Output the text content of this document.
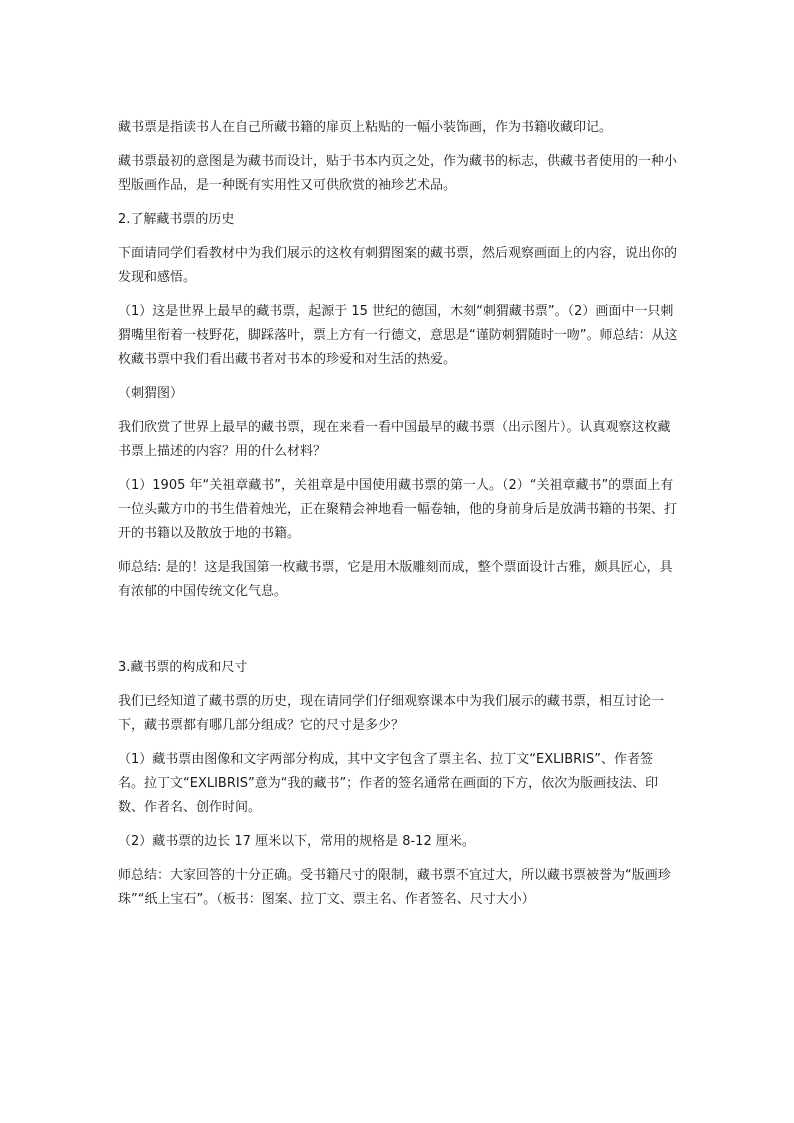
藏书票是指读书人在自己所藏书籍的扉页上粘贴的一幅小装饰画，作为书籍收藏印记。

藏书票最初的意图是为藏书而设计，贴于书本内页之处，作为藏书的标志，供藏书者使用的一种小型版画作品，是一种既有实用性又可供欣赏的袖珍艺术品。

2.了解藏书票的历史

下面请同学们看教材中为我们展示的这枚有刺猬图案的藏书票，然后观察画面上的内容，说出你的发现和感悟。

（1）这是世界上最早的藏书票，起源于 15 世纪的德国，木刻“刺猬藏书票”。（2）画面中一只刺猬嘴里衔着一枝野花，脚踩落叶，票上方有一行德文，意思是“谨防刺猬随时一吻”。师总结：从这枚藏书票中我们看出藏书者对书本的珍爱和对生活的热爱。

（刺猬图）

我们欣赏了世界上最早的藏书票，现在来看一看中国最早的藏书票（出示图片）。认真观察这枚藏书票上描述的内容？用的什么材料？

（1）1905 年“关祖章藏书”，关祖章是中国使用藏书票的第一人。（2）“关祖章藏书”的票面上有一位头戴方巾的书生借着烛光，正在聚精会神地看一幅卷轴，他的身前身后是放满书籍的书架、打开的书籍以及散放于地的书籍。

师总结: 是的！这是我国第一枚藏书票，它是用木版雕刻而成，整个票面设计古雅，颇具匠心，具有浓郁的中国传统文化气息。

3.藏书票的构成和尺寸

我们已经知道了藏书票的历史，现在请同学们仔细观察课本中为我们展示的藏书票，相互讨论一下，藏书票都有哪几部分组成？它的尺寸是多少？

（1）藏书票由图像和文字两部分构成，其中文字包含了票主名、拉丁文“EXLIBRIS”、作者签名。拉丁文“EXLIBRIS”意为“我的藏书”；作者的签名通常在画面的下方，依次为版画技法、印数、作者名、创作时间。

（2）藏书票的边长 17 厘米以下，常用的规格是 8-12 厘米。

师总结：大家回答的十分正确。受书籍尺寸的限制，藏书票不宜过大，所以藏书票被誉为“版画珍珠”“纸上宝石”。（板书：图案、拉丁文、票主名、作者签名、尺寸大小）
